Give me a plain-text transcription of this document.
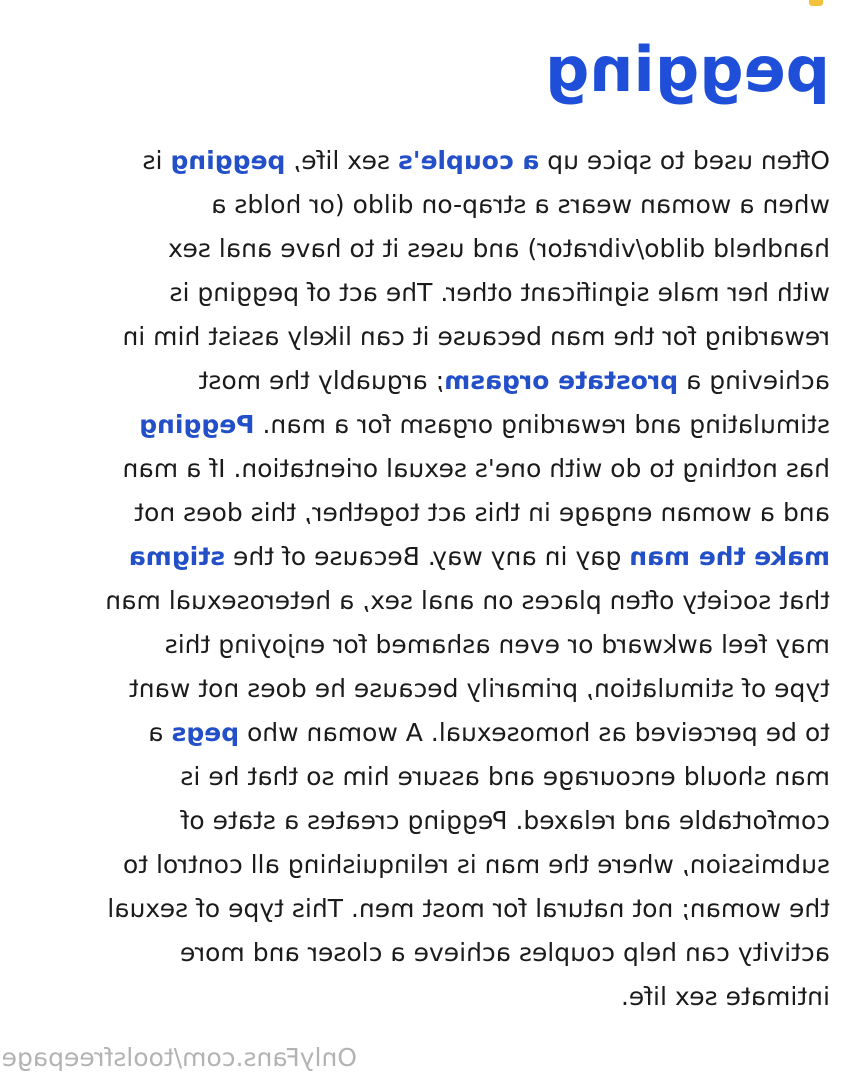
pegging
Often used to spice up a couple's sex life, pegging is
when a woman wears a strap-on dildo (or holds a
handheld dildo/vibrator) and uses it to have anal sex
with her male significant other. The act of pegging is
rewarding for the man because it can likely assist him in
achieving a prostate orgasm; arguably the most
stimulating and rewarding orgasm for a man. Pegging
has nothing to do with one's sexual orientation. If a man
and a woman engage in this act together, this does not
make the man gay in any way. Because of the stigma
that society often places on anal sex, a heterosexual man
may feel awkward or even ashamed for enjoying this
type of stimulation, primarily because he does not want
to be perceived as homosexual. A woman who pegs a
man should encourage and assure him so that he is
comfortable and relaxed. Pegging creates a state of
submission, where the man is relinquishing all control to
the woman; not natural for most men. This type of sexual
activity can help couples achieve a closer and more
intimate sex life.
OnlyFans.com/toolsfreepage
